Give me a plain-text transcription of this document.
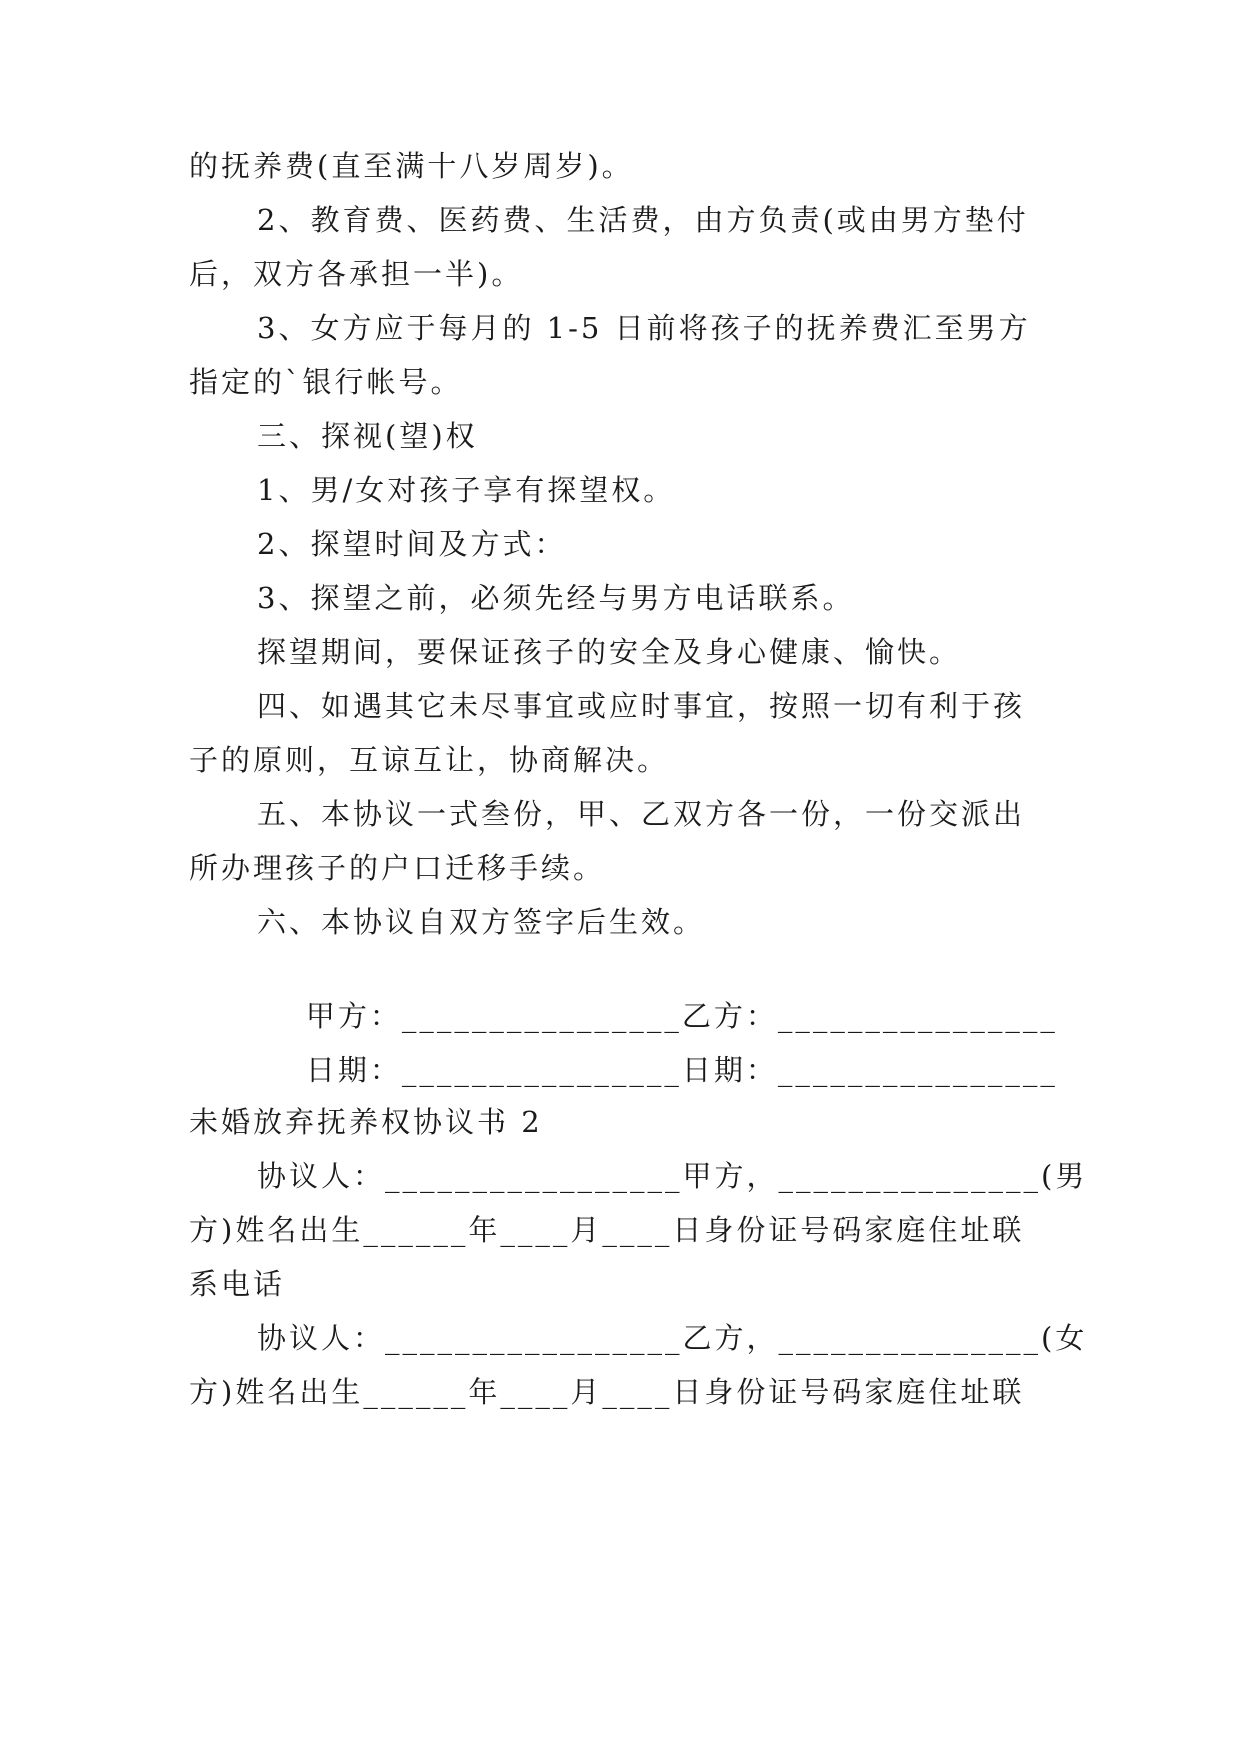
的抚养费(直至满十八岁周岁)。
2、教育费、医药费、生活费，由方负责(或由男方垫付
后，双方各承担一半)。
3、女方应于每月的 1-5 日前将孩子的抚养费汇至男方
指定的`银行帐号。
三、探视(望)权
1、男/女对孩子享有探望权。
2、探望时间及方式：
3、探望之前，必须先经与男方电话联系。
探望期间，要保证孩子的安全及身心健康、愉快。
四、如遇其它未尽事宜或应时事宜，按照一切有利于孩
子的原则，互谅互让，协商解决。
五、本协议一式叁份，甲、乙双方各一份，一份交派出
所办理孩子的户口迁移手续。
六、本协议自双方签字后生效。

甲方：________________乙方：________________

日期：________________日期：________________

未婚放弃抚养权协议书 2
协议人：_________________甲方，_______________(男
方)姓名出生______年____月____日身份证号码家庭住址联
系电话
协议人：_________________乙方，_______________(女
方)姓名出生______年____月____日身份证号码家庭住址联
